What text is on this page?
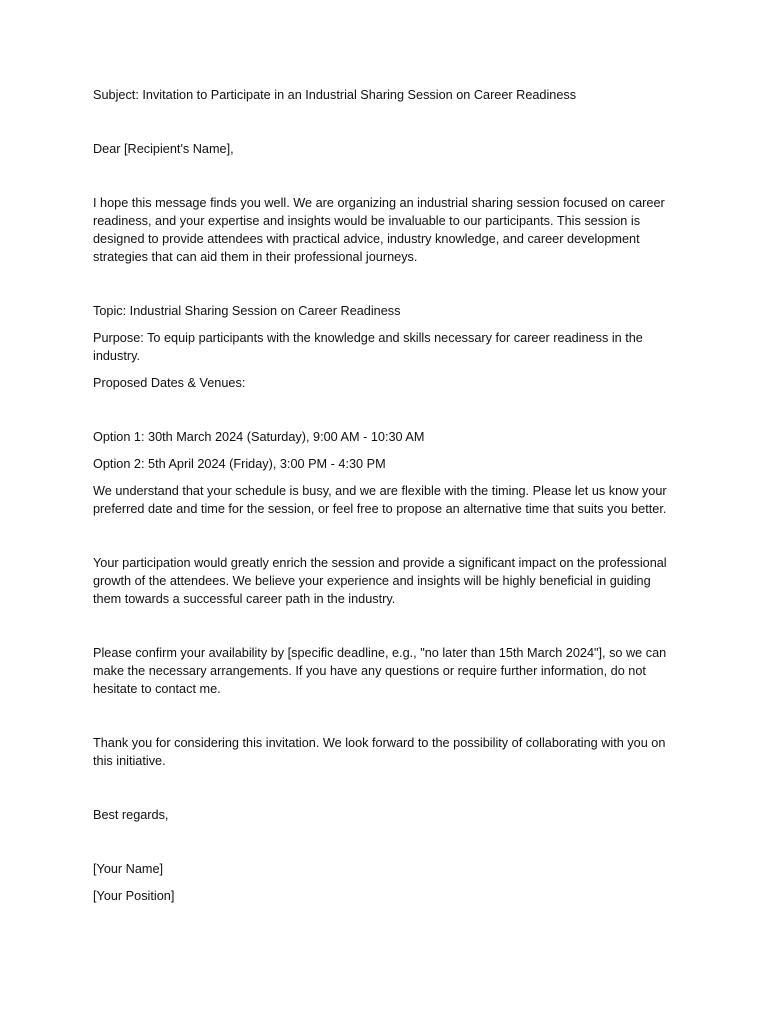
Subject: Invitation to Participate in an Industrial Sharing Session on Career Readiness

Dear [Recipient's Name],

I hope this message finds you well. We are organizing an industrial sharing session focused on career readiness, and your expertise and insights would be invaluable to our participants. This session is designed to provide attendees with practical advice, industry knowledge, and career development strategies that can aid them in their professional journeys.

Topic: Industrial Sharing Session on Career Readiness

Purpose: To equip participants with the knowledge and skills necessary for career readiness in the industry.

Proposed Dates & Venues:

Option 1: 30th March 2024 (Saturday), 9:00 AM - 10:30 AM

Option 2: 5th April 2024 (Friday), 3:00 PM - 4:30 PM

We understand that your schedule is busy, and we are flexible with the timing. Please let us know your preferred date and time for the session, or feel free to propose an alternative time that suits you better.

Your participation would greatly enrich the session and provide a significant impact on the professional growth of the attendees. We believe your experience and insights will be highly beneficial in guiding them towards a successful career path in the industry.

Please confirm your availability by [specific deadline, e.g., "no later than 15th March 2024"], so we can make the necessary arrangements. If you have any questions or require further information, do not hesitate to contact me.

Thank you for considering this invitation. We look forward to the possibility of collaborating with you on this initiative.

Best regards,

[Your Name]

[Your Position]
